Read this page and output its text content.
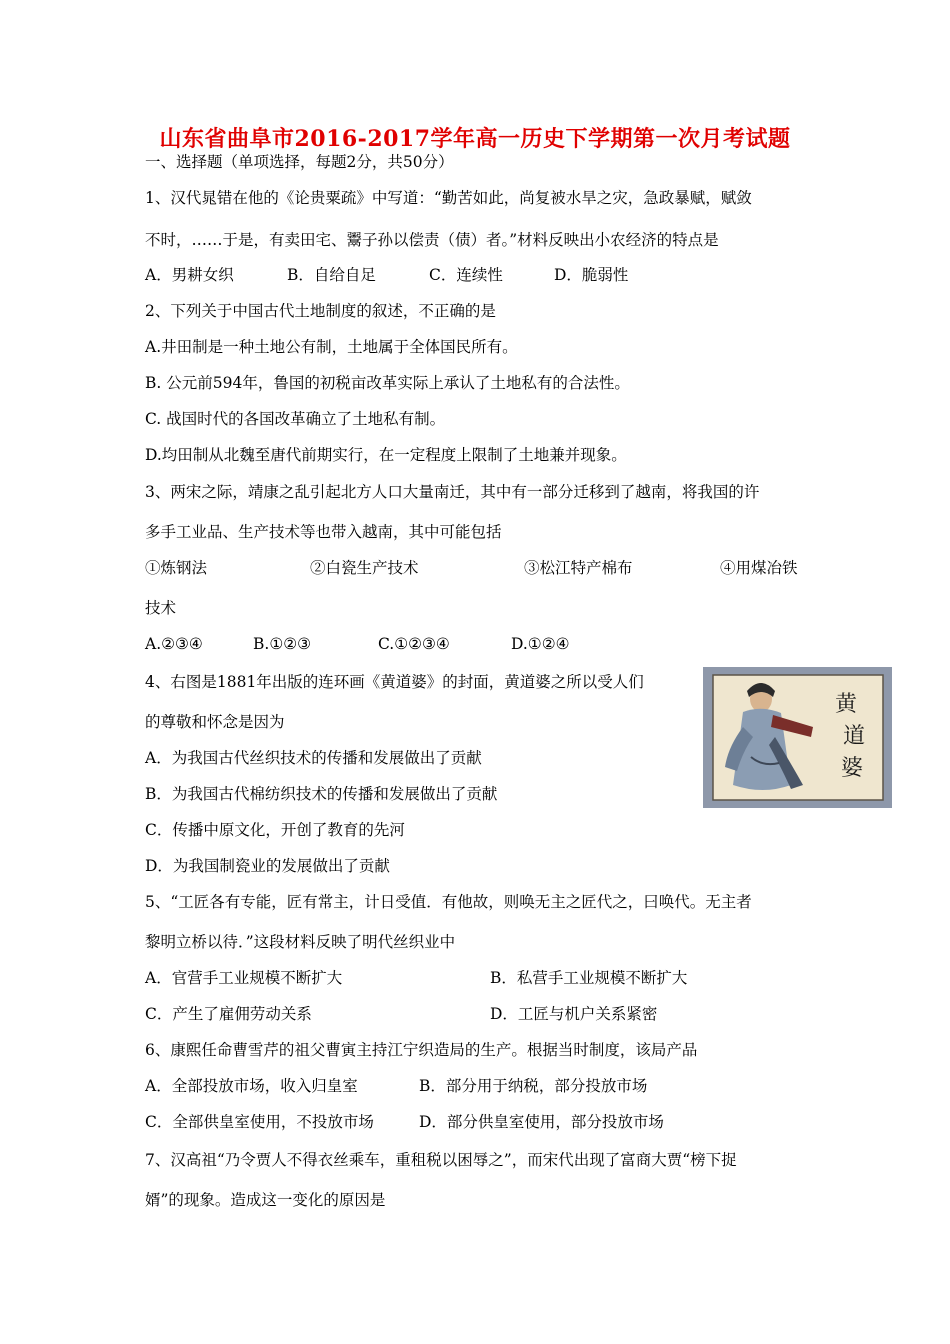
山东省曲阜市2016-2017学年高一历史下学期第一次月考试题
一、选择题（单项选择，每题2分，共50分）
1、汉代晁错在他的《论贵粟疏》中写道：“勤苦如此，尚复被水旱之灾，急政暴赋，赋敛
不时，……于是，有卖田宅、鬻子孙以偿责（债）者。”材料反映出小农经济的特点是
A．男耕女织	B．自给自足	C．连续性	D．脆弱性
2、下列关于中国古代土地制度的叙述，不正确的是
A.井田制是一种土地公有制，土地属于全体国民所有。
B. 公元前594年，鲁国的初税亩改革实际上承认了土地私有的合法性。
C. 战国时代的各国改革确立了土地私有制。
D.均田制从北魏至唐代前期实行，在一定程度上限制了土地兼并现象。
3、两宋之际，靖康之乱引起北方人口大量南迁，其中有一部分迁移到了越南，将我国的许
多手工业品、生产技术等也带入越南，其中可能包括
①炼钢法	②白瓷生产技术	③松江特产棉布	④用煤冶铁
技术
A.②③④	B.①②③	C.①②③④	D.①②④
4、右图是1881年出版的连环画《黄道婆》的封面，黄道婆之所以受人们
的尊敬和怀念是因为
A．为我国古代丝织技术的传播和发展做出了贡献
B．为我国古代棉纺织技术的传播和发展做出了贡献
C．传播中原文化，开创了教育的先河
D．为我国制瓷业的发展做出了贡献
黄
道
婆
5、“工匠各有专能，匠有常主，计日受值．有他故，则唤无主之匠代之，曰唤代。无主者
黎明立桥以待．”这段材料反映了明代丝织业中
A．官营手工业规模不断扩大	B．私营手工业规模不断扩大
C．产生了雇佣劳动关系	D．工匠与机户关系紧密
6、康熙任命曹雪芹的祖父曹寅主持江宁织造局的生产。根据当时制度，该局产品
A．全部投放市场，收入归皇室	B．部分用于纳税，部分投放市场
C．全部供皇室使用，不投放市场	D．部分供皇室使用，部分投放市场
7、汉高祖“乃令贾人不得衣丝乘车，重租税以困辱之”，而宋代出现了富商大贾“榜下捉
婿”的现象。造成这一变化的原因是
